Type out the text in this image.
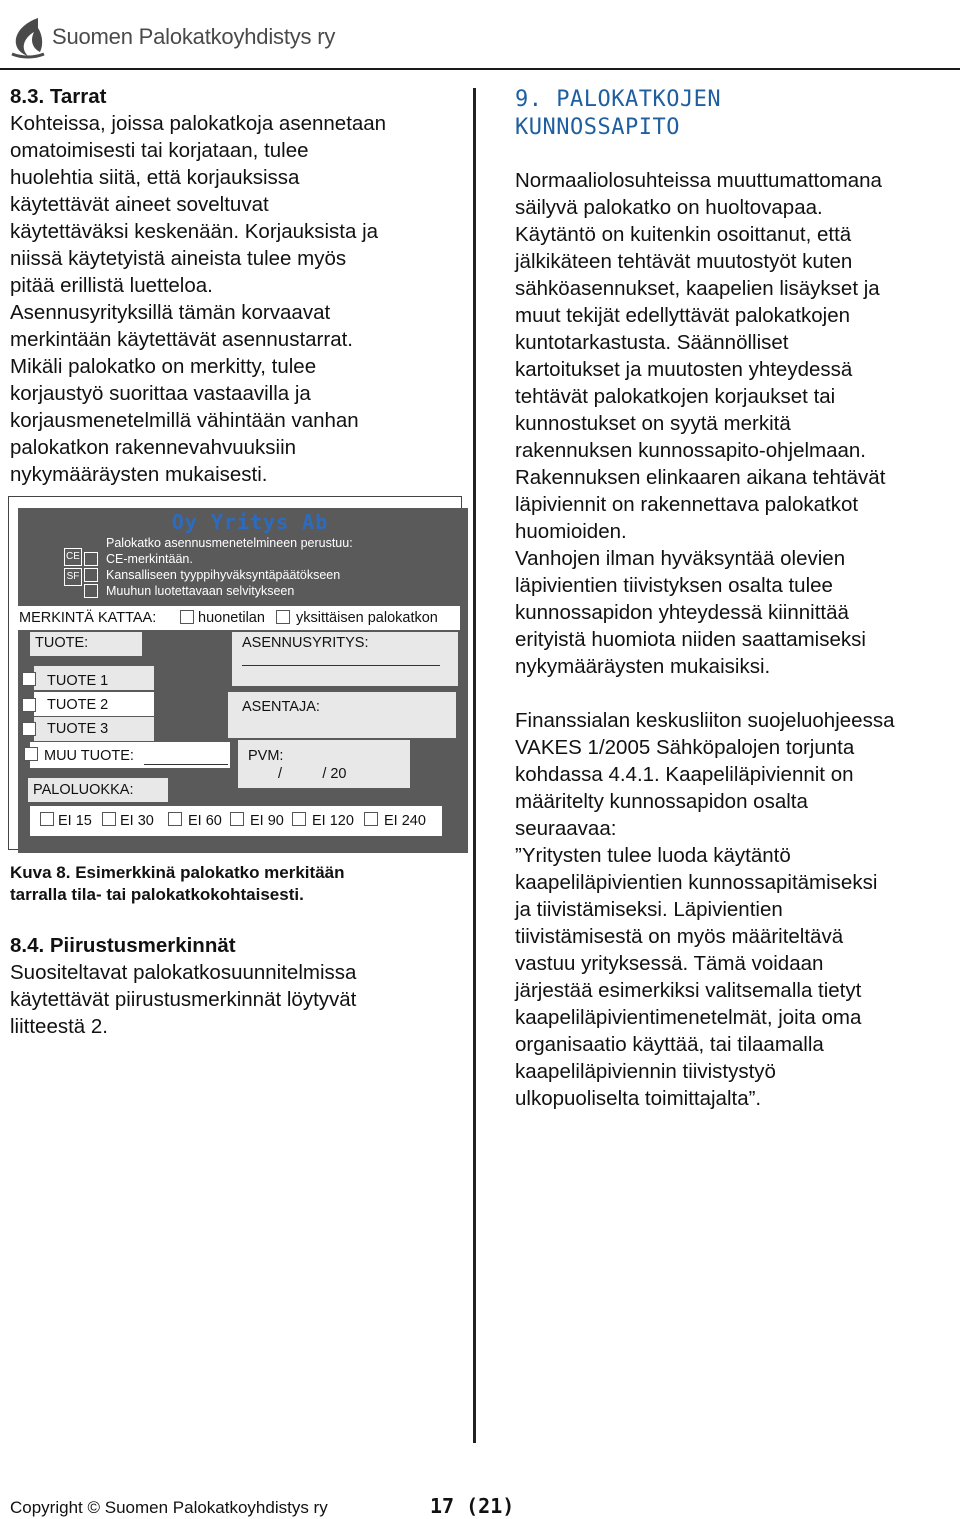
Suomen Palokatkoyhdistys ry

8.3. Tarrat

Kohteissa, joissa palokatkoja asennetaan

omatoimisesti tai korjataan, tulee

huolehtia siitä, että korjauksissa

käytettävät aineet soveltuvat

käytettäväksi keskenään. Korjauksista ja

niissä käytetyistä aineista tulee myös

pitää erillistä luetteloa.

Asennusyrityksillä tämän korvaavat

merkintään käytettävät asennustarrat.

Mikäli palokatko on merkitty, tulee

korjaustyö suorittaa vastaavilla ja

korjausmenetelmillä vähintään vanhan

palokatkon rakennevahvuuksiin

nykymääräysten mukaisesti.

Oy Yritys Ab
Palokatko asennusmenetelmineen perustuu:
CE
SF
CE-merkintään.
Kansalliseen tyyppihyväksyntäpäätökseen
Muuhun luotettavaan selvitykseen
MERKINTÄ KATTAA:	huonetilan yksittäisen palokatkon
TUOTE:	ASENNUSYRITYS:
TUOTE 1
TUOTE 2
TUOTE 3
ASENTAJA:
MUU TUOTE:	PVM:
/          / 20
PALOLUOKKA:
EI 15 EI 30 EI 60 EI 90 EI 120 EI 240
Kuva 8. Esimerkkinä palokatko merkitään
tarralla tila- tai palokatkokohtaisesti.

8.4. Piirustusmerkinnät

Suositeltavat palokatkosuunnitelmissa

käytettävät piirustusmerkinnät löytyvät

liitteestä 2.

9. PALOKATKOJEN
KUNNOSSAPITO

Normaaliolosuhteissa muuttumattomana

säilyvä palokatko on huoltovapaa.

Käytäntö on kuitenkin osoittanut, että

jälkikäteen tehtävät muutostyöt kuten

sähköasennukset, kaapelien lisäykset ja

muut tekijät edellyttävät palokatkojen

kuntotarkastusta. Säännölliset

kartoitukset ja muutosten yhteydessä

tehtävät palokatkojen korjaukset tai

kunnostukset on syytä merkitä

rakennuksen kunnossapito-ohjelmaan.

Rakennuksen elinkaaren aikana tehtävät

läpiviennit on rakennettava palokatkot

huomioiden.

Vanhojen ilman hyväksyntää olevien

läpivientien tiivistyksen osalta tulee

kunnossapidon yhteydessä kiinnittää

erityistä huomiota niiden saattamiseksi

nykymääräysten mukaisiksi.

Finanssialan keskusliiton suojeluohjeessa

VAKES 1/2005 Sähköpalojen torjunta

kohdassa 4.4.1. Kaapeliläpiviennit on

määritelty kunnossapidon osalta

seuraavaa:

”Yritysten tulee luoda käytäntö

kaapeliläpivientien kunnossapitämiseksi

ja tiivistämiseksi. Läpivientien

tiivistämisestä on myös määriteltävä

vastuu yrityksessä. Tämä voidaan

järjestää esimerkiksi valitsemalla tietyt

kaapeliläpivientimenetelmät, joita oma

organisaatio käyttää, tai tilaamalla

kaapeliläpiviennin tiivistystyö

ulkopuoliselta toimittajalta”.

Copyright © Suomen Palokatkoyhdistys ry	17 (21)
